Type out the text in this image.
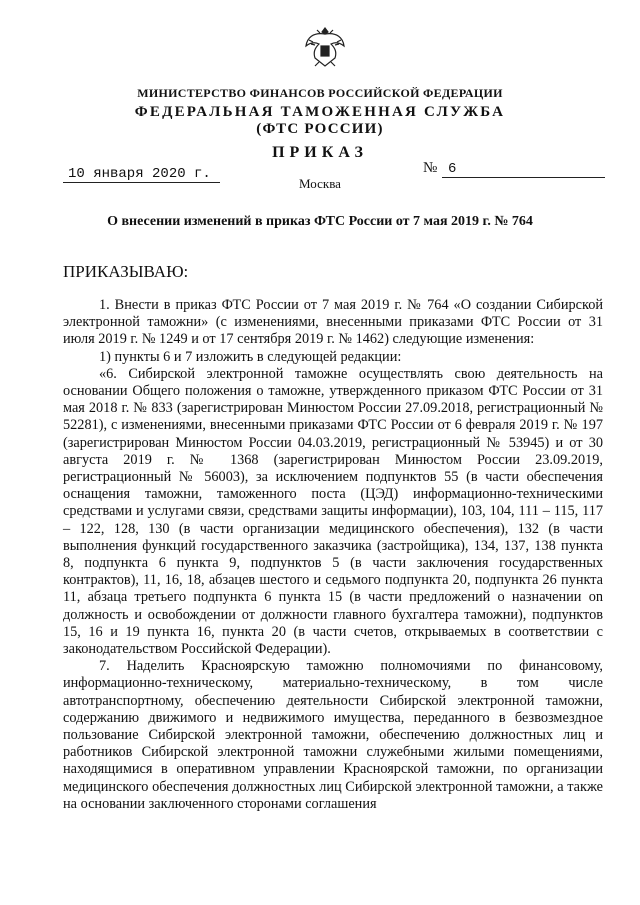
МИНИСТЕРСТВО ФИНАНСОВ РОССИЙСКОЙ ФЕДЕРАЦИИ
ФЕДЕРАЛЬНАЯ ТАМОЖЕННАЯ СЛУЖБА
(ФТС РОССИИ)
ПРИКАЗ
10 января 2020 г.	№ 6
Москва
О внесении изменений в приказ ФТС России от 7 мая 2019 г. № 764
ПРИКАЗЫВАЮ:

1. Внести в приказ ФТС России от 7 мая 2019 г. № 764 «О создании Сибирской электронной таможни» (с изменениями, внесенными приказами ФТС России от 31 июля 2019 г. № 1249 и от 17 сентября 2019 г. № 1462) следующие изменения:

1) пункты 6 и 7 изложить в следующей редакции:

«6. Сибирской электронной таможне осуществлять свою деятельность на основании Общего положения о таможне, утвержденного приказом ФТС России от 31 мая 2018 г. № 833 (зарегистрирован Минюстом России 27.09.2018, регистрационный № 52281), с изменениями, внесенными приказами ФТС России от 6 февраля 2019 г. № 197 (зарегистрирован Минюстом России 04.03.2019, регистрационный № 53945) и от 30 августа 2019 г. № 1368 (зарегистрирован Минюстом России 23.09.2019, регистрационный № 56003), за исключением подпунктов 55 (в части обеспечения оснащения таможни, таможенного поста (ЦЭД) информационно-техническими средствами и услугами связи, средствами защиты информации), 103, 104, 111 – 115, 117 – 122, 128, 130 (в части организации медицинского обеспечения), 132 (в части выполнения функций государственного заказчика (застройщика), 134, 137, 138 пункта 8, подпункта 6 пункта 9, подпунктов 5 (в части заключения государственных контрактов), 11, 16, 18, абзацев шестого и седьмого подпункта 20, подпункта 26 пункта 11, абзаца третьего подпункта 6 пункта 15 (в части предложений о назначении on должность и освобождении от должности главного бухгалтера таможни), подпунктов 15, 16 и 19 пункта 16, пункта 20 (в части счетов, открываемых в соответствии с законодательством Российской Федерации).

7. Наделить Красноярскую таможню полномочиями по финансовому, информационно-техническому, материально-техническому, в том числе автотранспортному, обеспечению деятельности Сибирской электронной таможни, содержанию движимого и недвижимого имущества, переданного в безвозмездное пользование Сибирской электронной таможни, обеспечению должностных лиц и работников Сибирской электронной таможни служебными жилыми помещениями, находящимися в оперативном управлении Красноярской таможни, по организации медицинского обеспечения должностных лиц Сибирской электронной таможни, а также на основании заключенного сторонами соглашения
